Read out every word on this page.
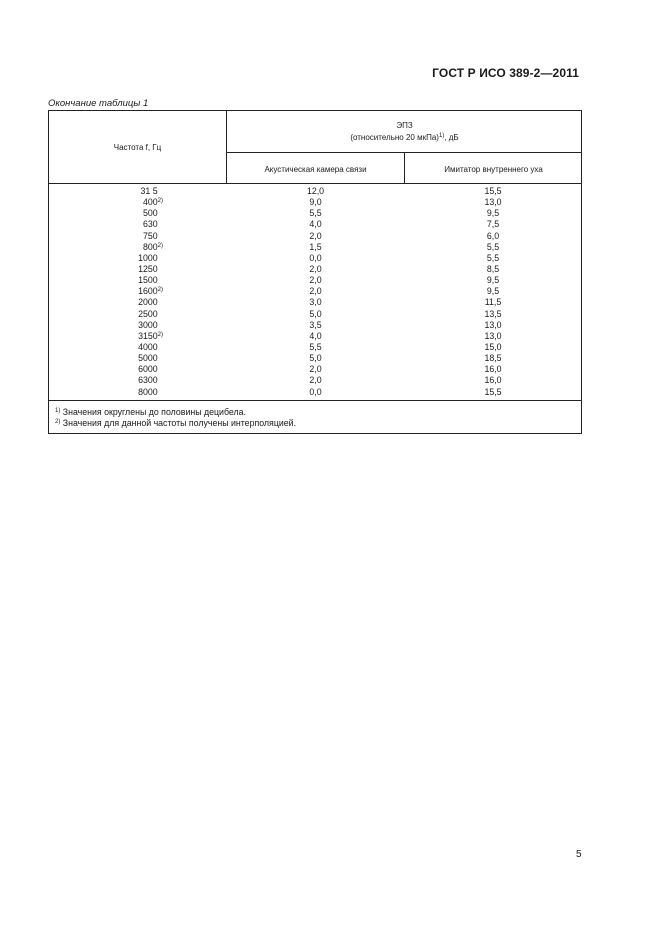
ГОСТ Р ИСО 389-2—2011
Окончание таблицы 1
Частота f, Гц
ЭПЗ
(относительно 20 мкПа)$^{1)}$, дБ
Акустическая камера связи	Имитатор внутреннего уха
31 5
400$^{2)}$
500
630
750
800$^{2)}$
1000
1250
1500
1600$^{2)}$
2000
2500
3000
3150$^{2)}$
4000
5000
6000
6300
8000
12,0
9,0
5,5
4,0
2,0
1,5
0,0
2,0
2,0
2,0
3,0
5,0
3,5
4,0
5,5
5,0
2,0
2,0
0,0
15,5
13,0
9,5
7,5
6,0
5,5
5,5
8,5
9,5
9,5
11,5
13,5
13,0
13,0
15,0
18,5
16,0
16,0
15,5
$^{1)}$ Значения округлены до половины децибела.
$^{2)}$ Значения для данной частоты получены интерполяцией.
5
